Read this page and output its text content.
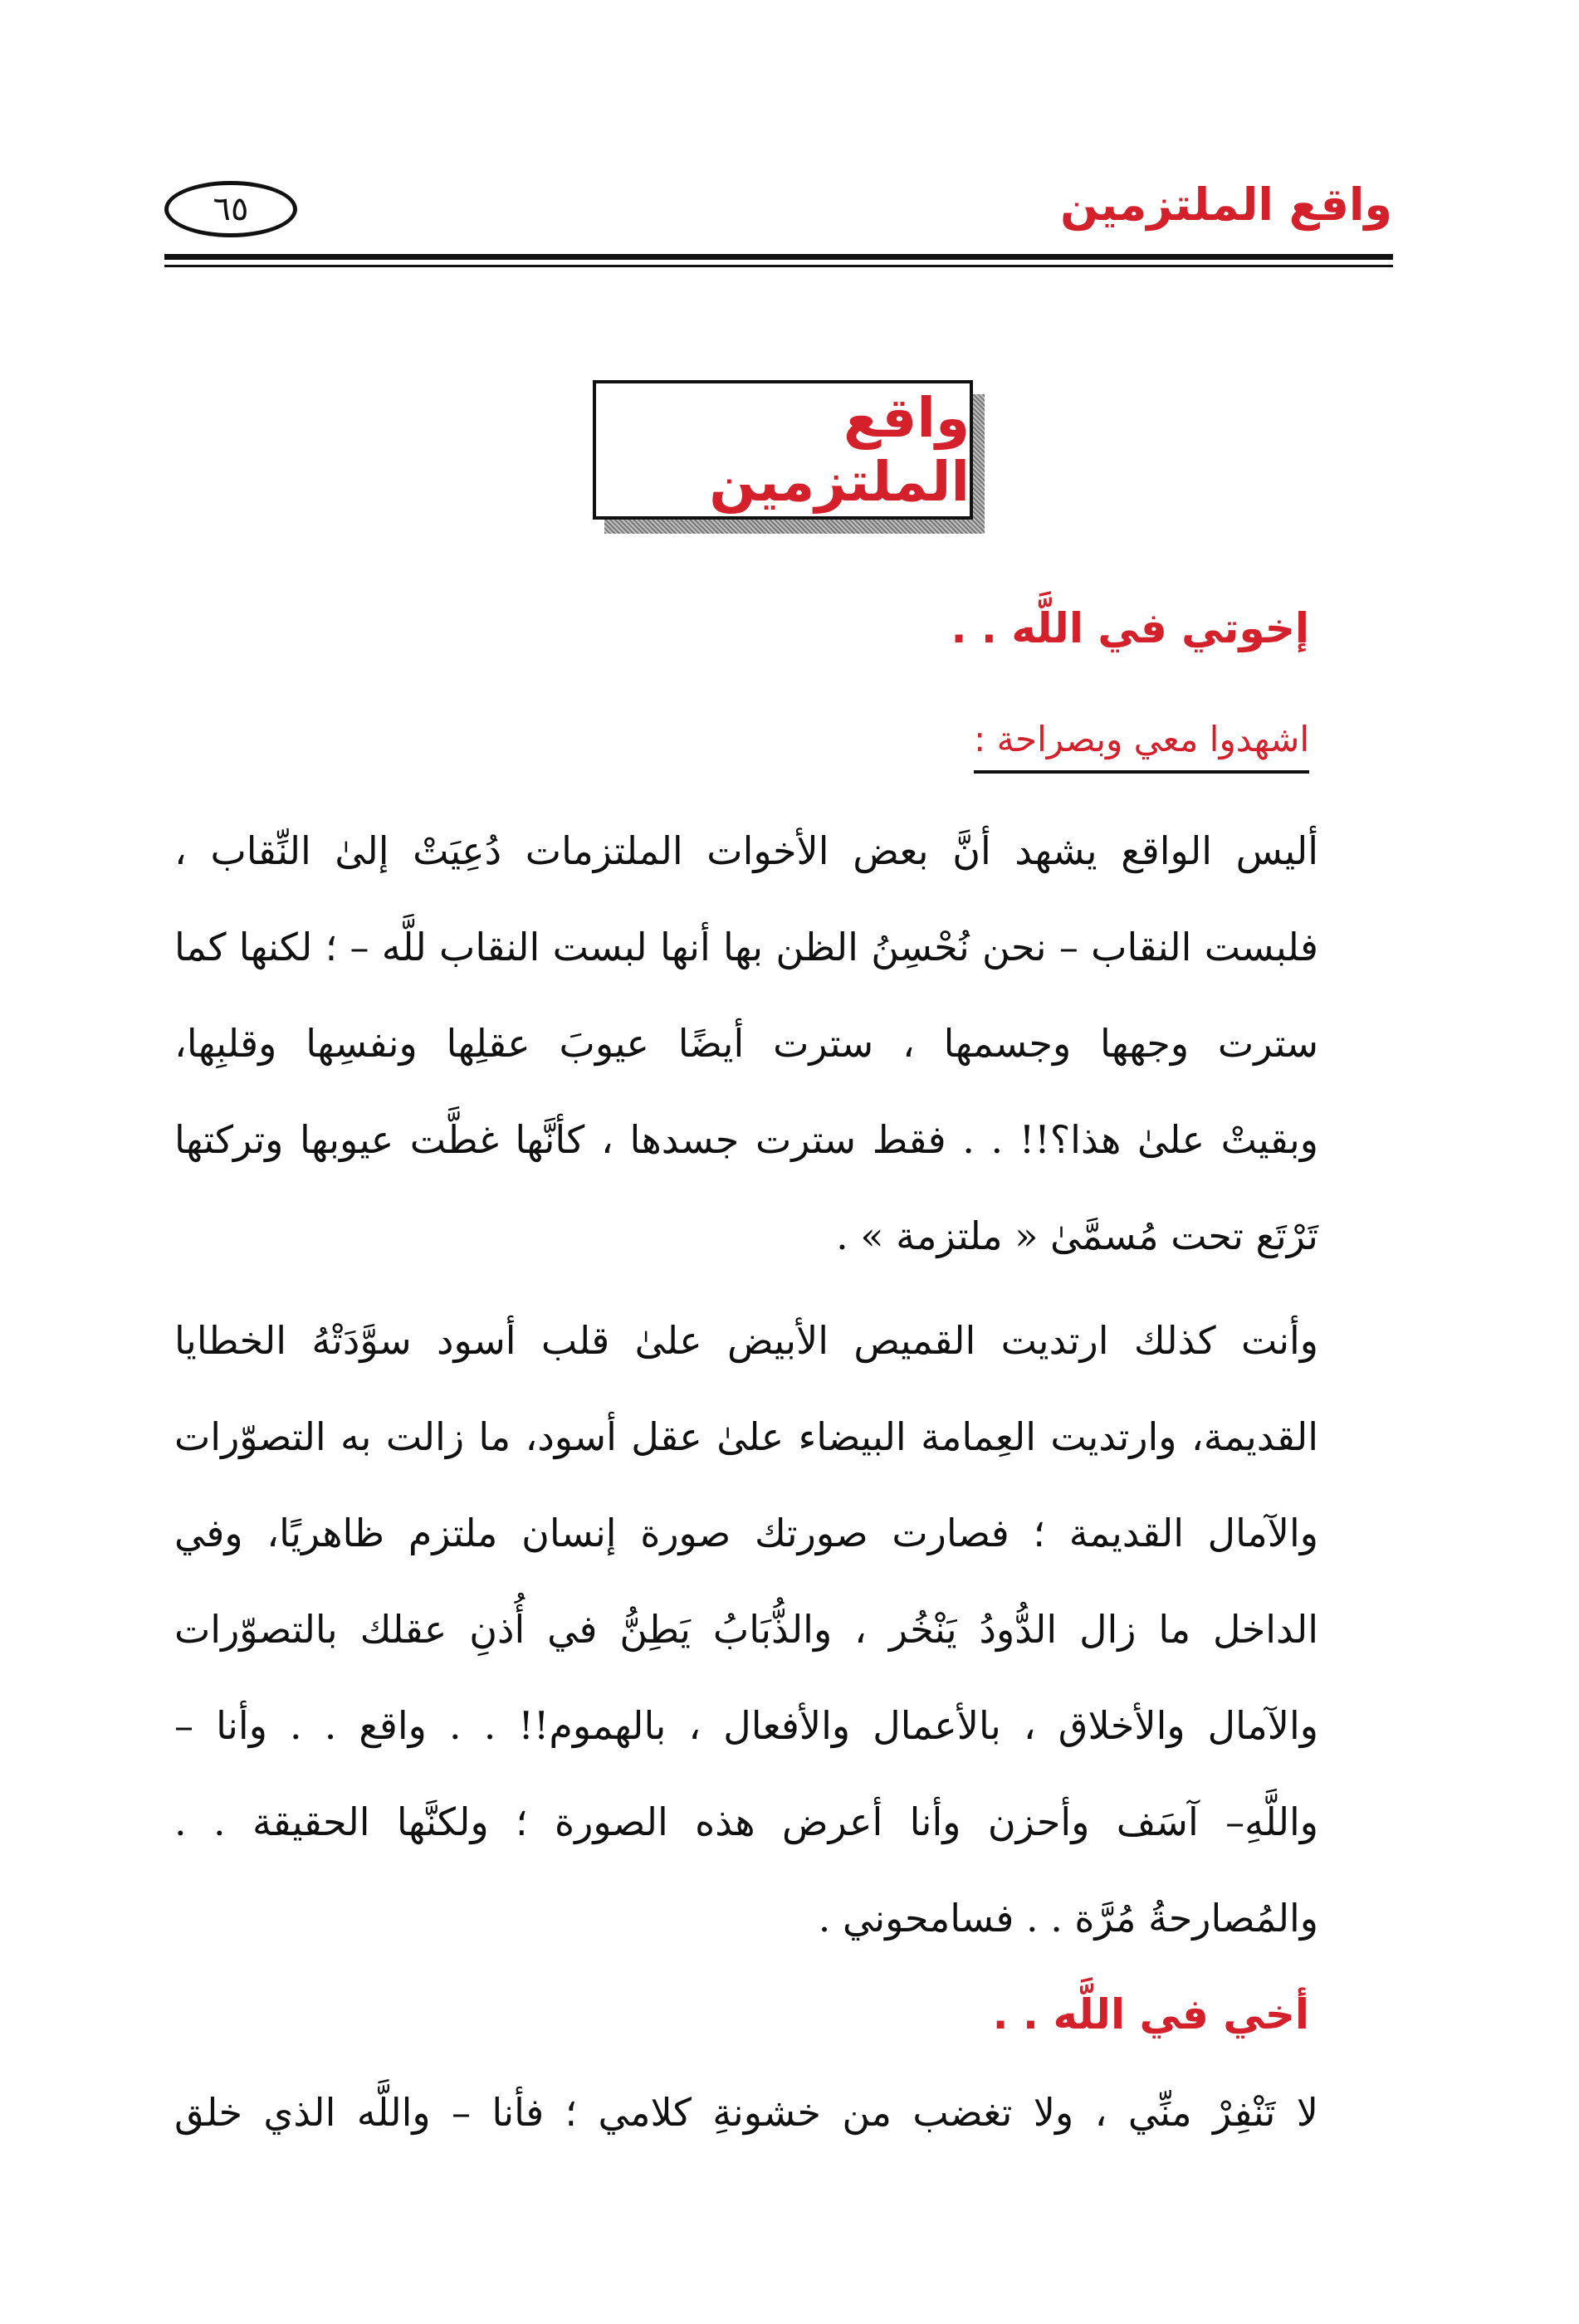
واقع الملتزمين
٦٥
واقع الملتزمين
إخوتي في اللَّه . .
اشهدوا معي وبصراحة :
أليس الواقع يشهد أنَّ بعض الأخوات الملتزمات دُعِيَتْ إلىٰ النِّقاب ،
فلبست النقاب – نحن نُحْسِنُ الظن بها أنها لبست النقاب للَّه – ؛ لكنها كما
سترت وجهها وجسمها ، سترت أيضًا عيوبَ عقلِها ونفسِها وقلبِها،
وبقيتْ علىٰ هذا؟!! . . فقط سترت جسدها ، كأنَّها غطَّت عيوبها وتركتها
تَرْتَع تحت مُسمَّىٰ « ملتزمة » .
وأنت كذلك ارتديت القميص الأبيض علىٰ قلب أسود سوَّدَتْهُ الخطايا
القديمة، وارتديت العِمامة البيضاء علىٰ عقل أسود، ما زالت به التصوّرات
والآمال القديمة ؛ فصارت صورتك صورة إنسان ملتزم ظاهريًا، وفي
الداخل ما زال الدُّودُ يَنْخُر ، والذُّبَابُ يَطِنُّ في أُذنِ عقلك بالتصوّرات
والآمال والأخلاق ، بالأعمال والأفعال ، بالهموم!! . . واقع . . وأنا –
واللَّهِ– آسَف وأحزن وأنا أعرض هذه الصورة ؛ ولكنَّها الحقيقة . .
والمُصارحةُ مُرَّة . . فسامحوني .
أخي في اللَّه . .
لا تَنْفِرْ منِّي ، ولا تغضب من خشونةِ كلامي ؛ فأنا – واللَّه الذي خلق
